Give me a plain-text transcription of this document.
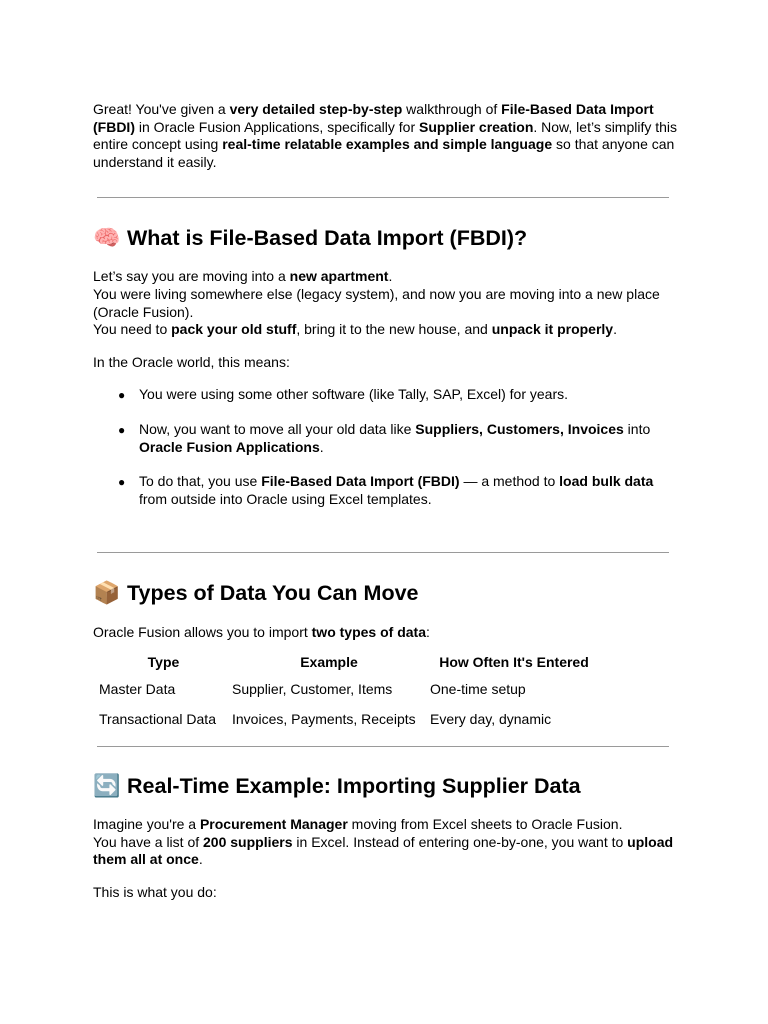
Great! You've given a very detailed step-by-step walkthrough of File-Based Data Import (FBDI) in Oracle Fusion Applications, specifically for Supplier creation. Now, let’s simplify this entire concept using real-time relatable examples and simple language so that anyone can understand it easily.

🧠 What is File-Based Data Import (FBDI)?

Let’s say you are moving into a new apartment.
You were living somewhere else (legacy system), and now you are moving into a new place (Oracle Fusion).
You need to pack your old stuff, bring it to the new house, and unpack it properly.

In the Oracle world, this means:

● You were using some other software (like Tally, SAP, Excel) for years.
● Now, you want to move all your old data like Suppliers, Customers, Invoices into Oracle Fusion Applications.
● To do that, you use File-Based Data Import (FBDI) — a method to load bulk data from outside into Oracle using Excel templates.
📦 Types of Data You Can Move

Oracle Fusion allows you to import two types of data:

Type	Example	How Often It's Entered
Master Data	Supplier, Customer, Items	One-time setup
Transactional Data	Invoices, Payments, Receipts	Every day, dynamic
🔄 Real-Time Example: Importing Supplier Data

Imagine you're a Procurement Manager moving from Excel sheets to Oracle Fusion.
You have a list of 200 suppliers in Excel. Instead of entering one-by-one, you want to upload them all at once.

This is what you do:
